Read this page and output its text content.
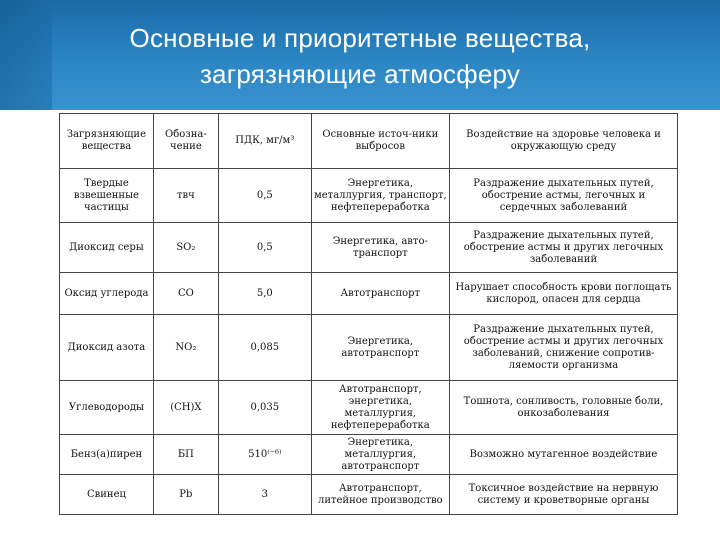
Основные и приоритетные вещества, загрязняющие атмосферу
Загрязняющие вещества	Обозна-чение	ПДК, мг/м³	Основные источ-ники выбросов	Воздействие на здоровье человека и окружающую среду
Твердые взвешенные частицы	твч	0,5	Энергетика, металлургия, транспорт, нефтепереработка	Раздражение дыхательных путей, обострение астмы, легочных и сердечных заболеваний
Диоксид серы	SO₂	0,5	Энергетика, авто-транспорт	Раздражение дыхательных путей, обострение астмы и других легочных заболеваний
Оксид углерода	CO	5,0	Автотранспорт	Нарушает способность крови поглощать кислород, опасен для сердца
Диоксид азота	NO₂	0,085	Энергетика, автотранспорт	Раздражение дыхательных путей, обострение астмы и других легочных заболеваний, снижение сопротив-ляемости организма
Углеводороды	(CH)X	0,035	Автотранспорт, энергетика, металлургия, нефтепереработка	Тошнота, сонливость, головные боли, онкозаболевания
Бенз(а)пирен	БП	510⁽⁻⁶⁾	Энергетика, металлургия, автотранспорт	Возможно мутагенное воздействие
Свинец	Pb	3	Автотранспорт, литейное производство	Токсичное воздействие на нервную систему и кроветворные органы
